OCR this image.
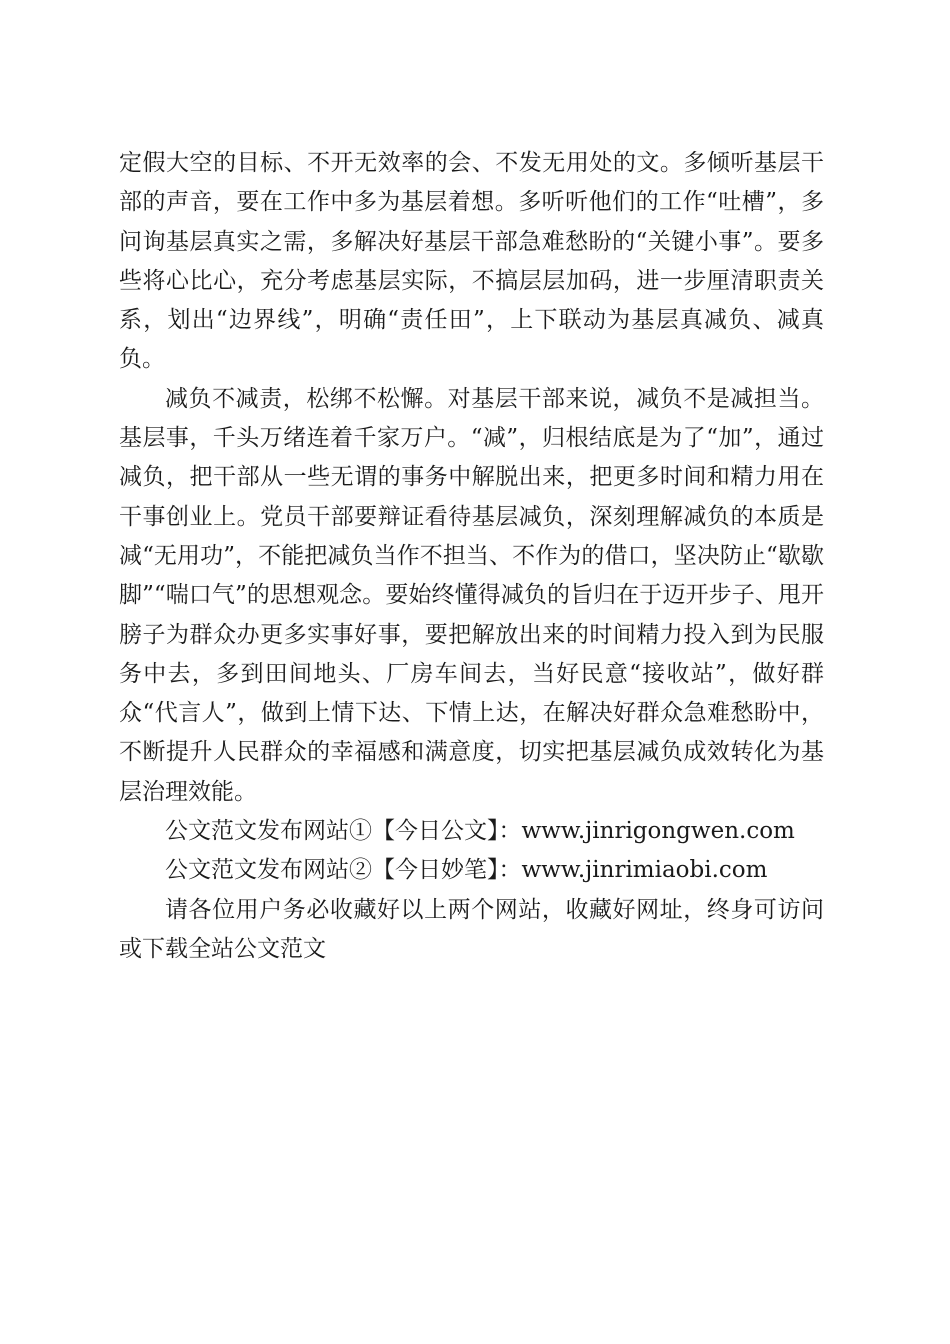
定假大空的目标、不开无效率的会、不发无用处的文。多倾听基层干部的声音，要在工作中多为基层着想。多听听他们的工作“吐槽”，多问询基层真实之需，多解决好基层干部急难愁盼的“关键小事”。要多些将心比心，充分考虑基层实际，不搞层层加码，进一步厘清职责关系，划出“边界线”，明确“责任田”，上下联动为基层真减负、减真负。

减负不减责，松绑不松懈。对基层干部来说，减负不是减担当。基层事，千头万绪连着千家万户。“减”，归根结底是为了“加”，通过减负，把干部从一些无谓的事务中解脱出来，把更多时间和精力用在干事创业上。党员干部要辩证看待基层减负，深刻理解减负的本质是减“无用功”，不能把减负当作不担当、不作为的借口，坚决防止“歇歇脚”“喘口气”的思想观念。要始终懂得减负的旨归在于迈开步子、甩开膀子为群众办更多实事好事，要把解放出来的时间精力投入到为民服务中去，多到田间地头、厂房车间去，当好民意“接收站”，做好群众“代言人”，做到上情下达、下情上达，在解决好群众急难愁盼中，不断提升人民群众的幸福感和满意度，切实把基层减负成效转化为基层治理效能。

公文范文发布网站①【今日公文】：www.jinrigongwen.com

公文范文发布网站②【今日妙笔】：www.jinrimiaobi.com

请各位用户务必收藏好以上两个网站，收藏好网址，终身可访问或下载全站公文范文
